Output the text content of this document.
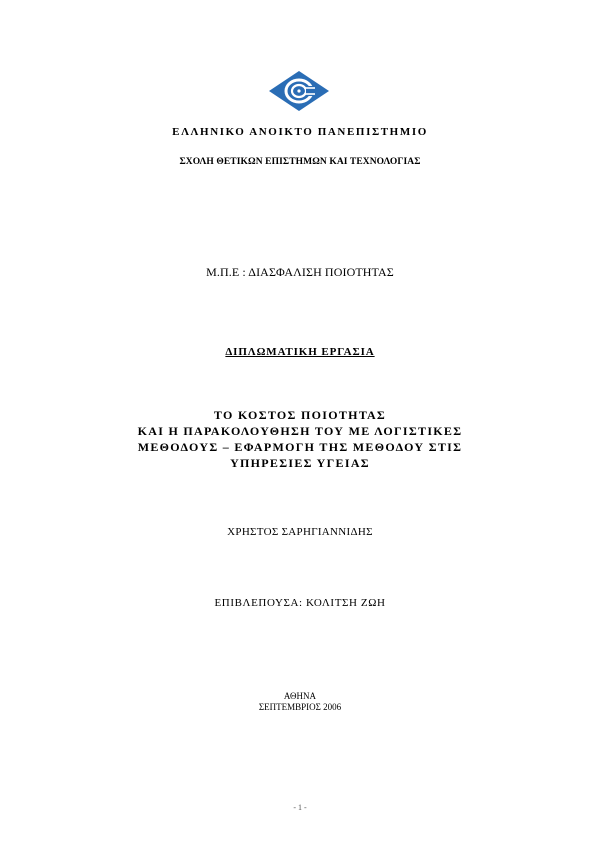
ΕΛΛΗΝΙΚΟ ΑΝΟΙΚΤΟ ΠΑΝΕΠΙΣΤΗΜΙΟ
ΣΧΟΛΗ ΘΕΤΙΚΩΝ ΕΠΙΣΤΗΜΩΝ ΚΑΙ ΤΕΧΝΟΛΟΓΙΑΣ
Μ.Π.Ε : ΔΙΑΣΦΑΛΙΣΗ ΠΟΙΟΤΗΤΑΣ
ΔΙΠΛΩΜΑΤΙΚΗ ΕΡΓΑΣΙΑ
ΤΟ ΚΟΣΤΟΣ ΠΟΙΟΤΗΤΑΣ
ΚΑΙ Η ΠΑΡΑΚΟΛΟΥΘΗΣΗ ΤΟΥ ΜΕ ΛΟΓΙΣΤΙΚΕΣ
ΜΕΘΟΔΟΥΣ – ΕΦΑΡΜΟΓΗ ΤΗΣ ΜΕΘΟΔΟΥ ΣΤΙΣ
ΥΠΗΡΕΣΙΕΣ ΥΓΕΙΑΣ
ΧΡΗΣΤΟΣ ΣΑΡΗΓΙΑΝΝΙΔΗΣ
ΕΠΙΒΛΕΠΟΥΣΑ: ΚΟΛΙΤΣΗ ΖΩΗ
ΑΘΗΝΑ
ΣΕΠΤΕΜΒΡΙΟΣ 2006
- 1 -
